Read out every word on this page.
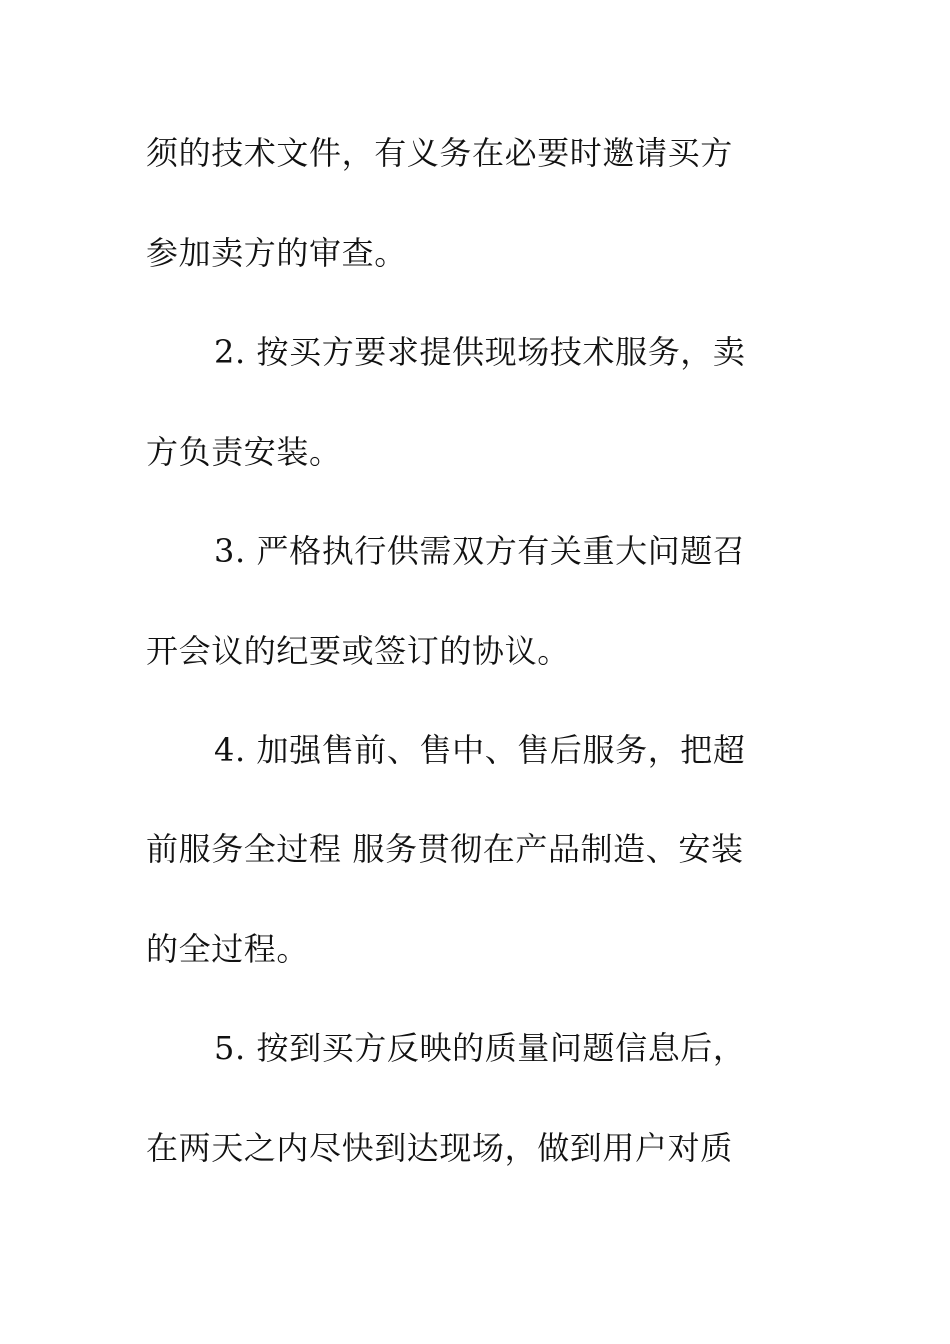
须的技术文件，有义务在必要时邀请买方
参加卖方的审查。
2. 按买方要求提供现场技术服务，卖
方负责安装。
3. 严格执行供需双方有关重大问题召
开会议的纪要或签订的协议。
4. 加强售前、售中、售后服务，把超
前服务全过程 服务贯彻在产品制造、安装
的全过程。
5. 按到买方反映的质量问题信息后，
在两天之内尽快到达现场，做到用户对质
